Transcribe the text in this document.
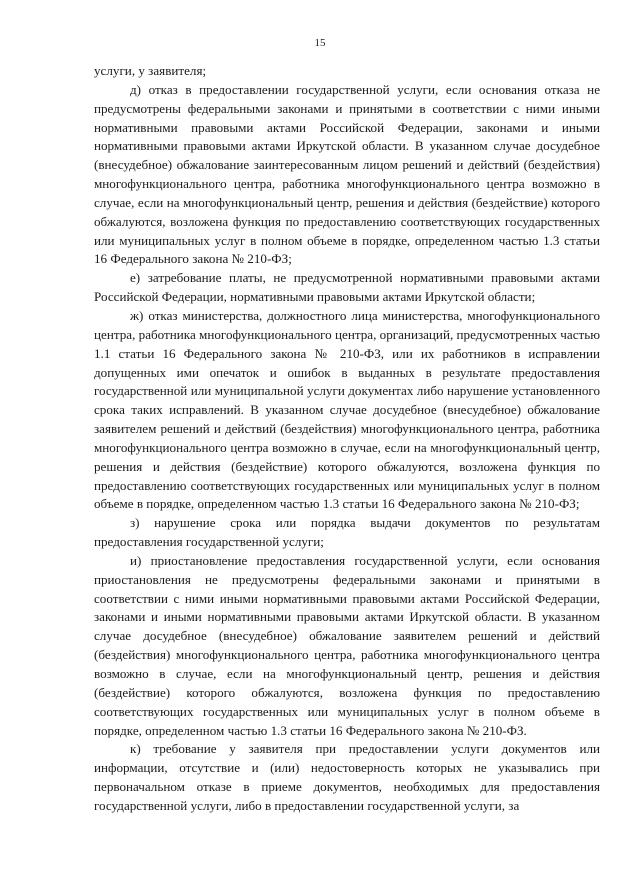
15

услуги, у заявителя;

д) отказ в предоставлении государственной услуги, если основания отказа не предусмотрены федеральными законами и принятыми в соответствии с ними иными нормативными правовыми актами Российской Федерации, законами и иными нормативными правовыми актами Иркутской области. В указанном случае досудебное (внесудебное) обжалование заинтересованным лицом решений и действий (бездействия) многофункционального центра, работника многофункционального центра возможно в случае, если на многофункциональный центр, решения и действия (бездействие) которого обжалуются, возложена функция по предоставлению соответствующих государственных или муниципальных услуг в полном объеме в порядке, определенном частью 1.3 статьи 16 Федерального закона № 210-ФЗ;

е) затребование платы, не предусмотренной нормативными правовыми актами Российской Федерации, нормативными правовыми актами Иркутской области;

ж) отказ министерства, должностного лица министерства, многофункционального центра, работника многофункционального центра, организаций, предусмотренных частью 1.1 статьи 16 Федерального закона № 210-ФЗ, или их работников в исправлении допущенных ими опечаток и ошибок в выданных в результате предоставления государственной или муниципальной услуги документах либо нарушение установленного срока таких исправлений. В указанном случае досудебное (внесудебное) обжалование заявителем решений и действий (бездействия) многофункционального центра, работника многофункционального центра возможно в случае, если на многофункциональный центр, решения и действия (бездействие) которого обжалуются, возложена функция по предоставлению соответствующих государственных или муниципальных услуг в полном объеме в порядке, определенном частью 1.3 статьи 16 Федерального закона № 210-ФЗ;

з) нарушение срока или порядка выдачи документов по результатам предоставления государственной услуги;

и) приостановление предоставления государственной услуги, если основания приостановления не предусмотрены федеральными законами и принятыми в соответствии с ними иными нормативными правовыми актами Российской Федерации, законами и иными нормативными правовыми актами Иркутской области. В указанном случае досудебное (внесудебное) обжалование заявителем решений и действий (бездействия) многофункционального центра, работника многофункционального центра возможно в случае, если на многофункциональный центр, решения и действия (бездействие) которого обжалуются, возложена функция по предоставлению соответствующих государственных или муниципальных услуг в полном объеме в порядке, определенном частью 1.3 статьи 16 Федерального закона № 210-ФЗ.

к) требование у заявителя при предоставлении услуги документов или информации, отсутствие и (или) недостоверность которых не указывались при первоначальном отказе в приеме документов, необходимых для предоставления государственной услуги, либо в предоставлении государственной услуги, за
